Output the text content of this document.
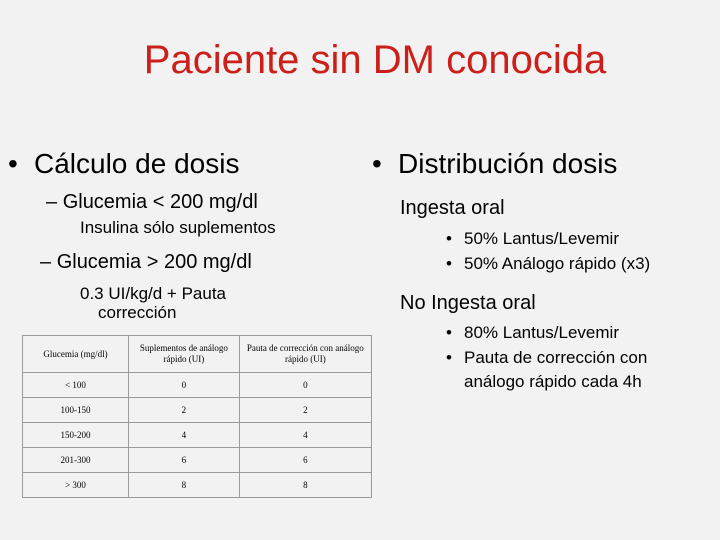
Paciente sin DM conocida
• Cálculo de dosis
– Glucemia < 200 mg/dl
Insulina sólo suplementos
– Glucemia > 200 mg/dl
0.3 UI/kg/d + Pauta
corrección
Glucemia (mg/dl)	Suplementos de análogo rápido (UI)	Pauta de corrección con análogo rápido (UI)
< 100	0	0
100-150	2	2
150-200	4	4
201-300	6	6
> 300	8	8
• Distribución dosis
Ingesta oral
• 50% Lantus/Levemir
• 50% Análogo rápido (x3)
No Ingesta oral
• 80% Lantus/Levemir
• Pauta de corrección con
análogo rápido cada 4h
